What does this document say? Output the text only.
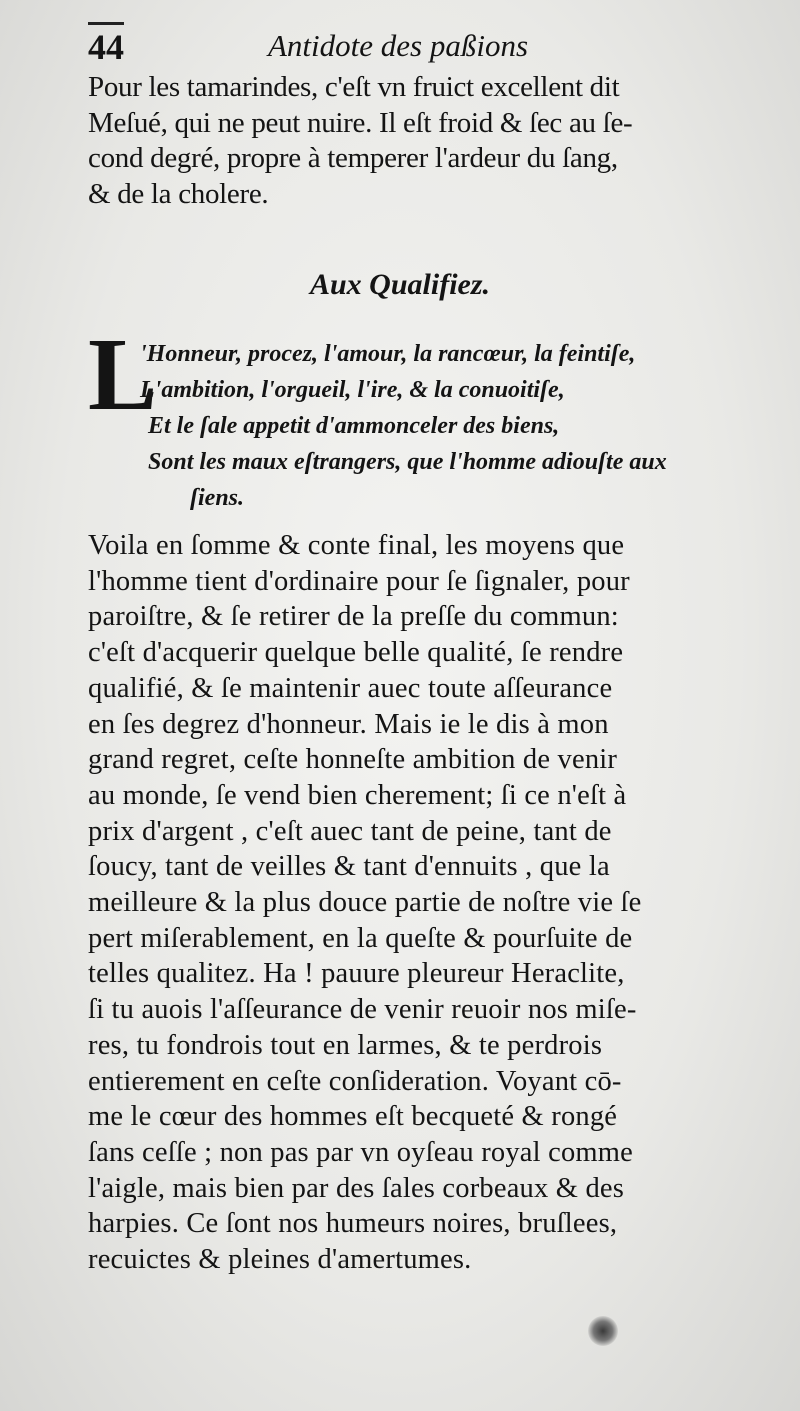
44	Antidote des paßions
Pour les tamarindes, c'eſt vn fruict excellent dit
Meſué, qui ne peut nuire. Il eſt froid & ſec au ſe-
cond degré, propre à temperer l'ardeur du ſang,
& de la cholere.
Aux Qualifiez.
L
'Honneur, procez, l'amour, la rancœur, la feintiſe,
L'ambition, l'orgueil, l'ire, & la conuoitiſe,
Et le ſale appetit d'ammonceler des biens,
Sont les maux eſtrangers, que l'homme adiouſte aux
ſiens.
Voila en ſomme & conte final, les moyens que
l'homme tient d'ordinaire pour ſe ſignaler, pour
paroiſtre, & ſe retirer de la preſſe du commun:
c'eſt d'acquerir quelque belle qualité, ſe rendre
qualifié, & ſe maintenir auec toute aſſeurance
en ſes degrez d'honneur. Mais ie le dis à mon
grand regret, ceſte honneſte ambition de venir
au monde, ſe vend bien cherement; ſi ce n'eſt à
prix d'argent , c'eſt auec tant de peine, tant de
ſoucy, tant de veilles & tant d'ennuits , que la
meilleure & la plus douce partie de noſtre vie ſe
pert miſerablement, en la queſte & pourſuite de
telles qualitez. Ha ! pauure pleureur Heraclite,
ſi tu auois l'aſſeurance de venir reuoir nos miſe-
res, tu fondrois tout en larmes, & te perdrois
entierement en ceſte conſideration. Voyant cō-
me le cœur des hommes eſt becqueté & rongé
ſans ceſſe ; non pas par vn oyſeau royal comme
l'aigle, mais bien par des ſales corbeaux & des
harpies. Ce ſont nos humeurs noires, bruſlees,
recuictes & pleines d'amertumes.
